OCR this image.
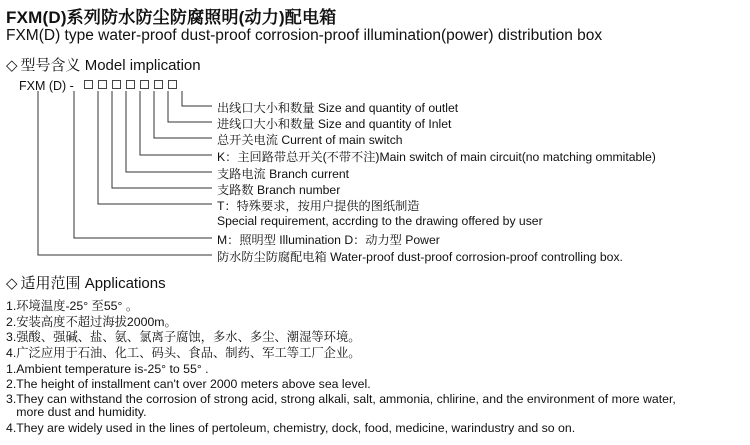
FXM(D)系列防水防尘防腐照明(动力)配电箱
FXM(D) type water-proof dust-proof corrosion-proof illumination(power) distribution box
◇ 型号含义 Model implication
FXM (D) -
出线口大小和数量 Size and quantity of outlet
进线口大小和数量 Size and quantity of Inlet
总开关电流 Current of main switch
K：主回路带总开关(不带不注)Main switch of main circuit(no matching ommitable)
支路电流 Branch current
支路数 Branch number
T：特殊要求，按用户提供的图纸制造
Special requirement, accrding to the drawing offered by user
M：照明型 Illumination D：动力型 Power
防水防尘防腐配电箱 Water-proof dust-proof corrosion-proof controlling box.
◇ 适用范围 Applications
1.环境温度-25° 至55° 。
2.安装高度不超过海拔2000m。
3.强酸、强碱、盐、氨、氯离子腐蚀，多水、多尘、潮湿等环境。
4.广泛应用于石油、化工、码头、食品、制药、军工等工厂企业。
1.Ambient temperature is-25° to 55° .
2.The height of installment can't over 2000 meters above sea level.
3.They can withstand the corrosion of strong acid, strong alkali, salt, ammonia, chlirine, and the environment of more water,
more dust and humidity.
4.They are widely used in the lines of pertoleum, chemistry, dock, food, medicine, warindustry and so on.
